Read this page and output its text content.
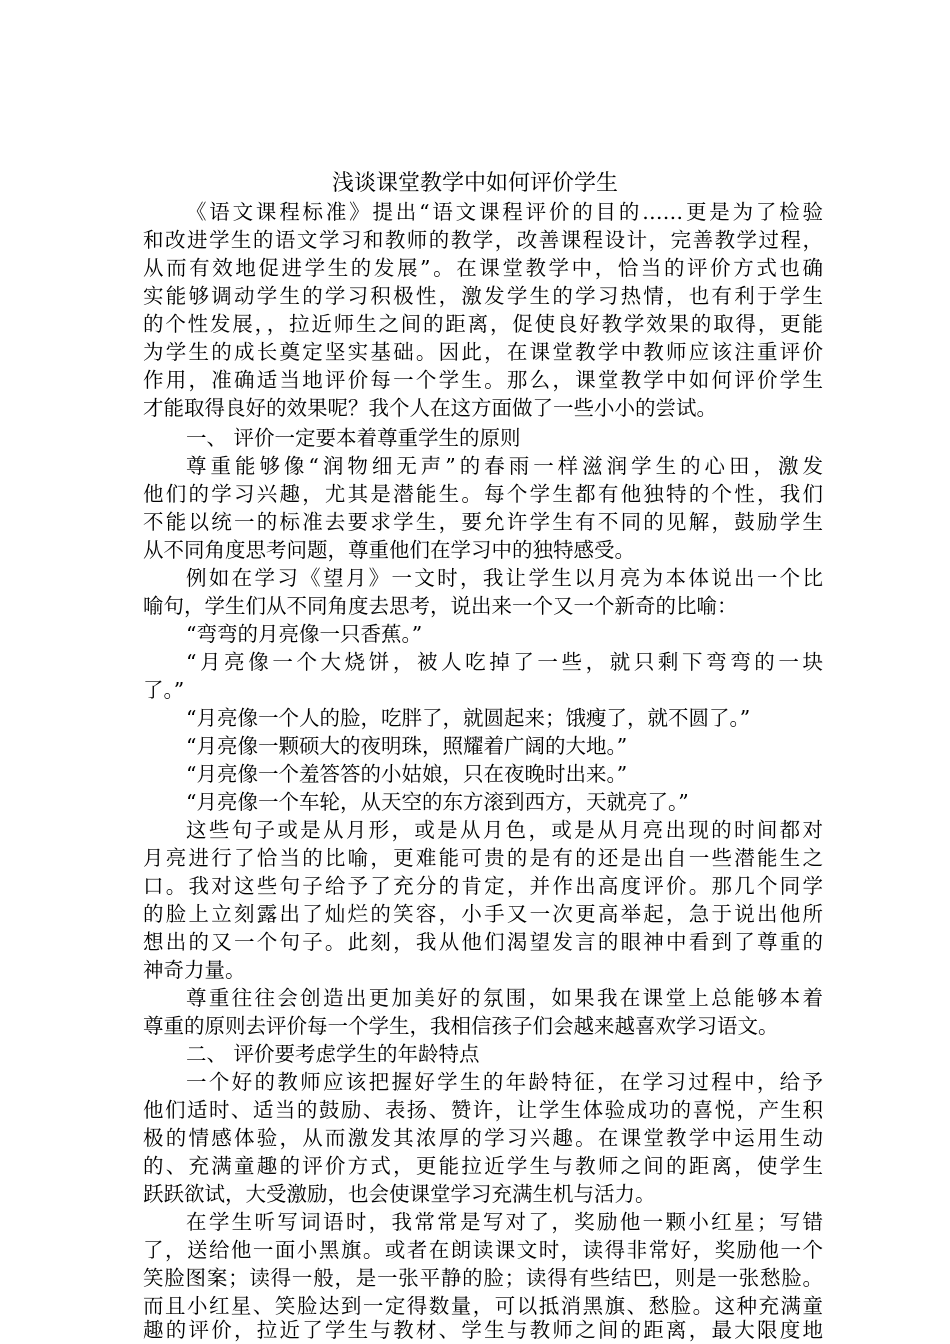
浅谈课堂教学中如何评价学生
《语文课程标准》提出“语文课程评价的目的……更是为了检验
和改进学生的语文学习和教师的教学，改善课程设计，完善教学过程，
从而有效地促进学生的发展”。在课堂教学中，恰当的评价方式也确
实能够调动学生的学习积极性，激发学生的学习热情，也有利于学生
的个性发展，，拉近师生之间的距离，促使良好教学效果的取得，更能
为学生的成长奠定坚实基础。因此，在课堂教学中教师应该注重评价
作用，准确适当地评价每一个学生。那么，课堂教学中如何评价学生
才能取得良好的效果呢？我个人在这方面做了一些小小的尝试。
一、 评价一定要本着尊重学生的原则
尊重能够像“润物细无声”的春雨一样滋润学生的心田，激发
他们的学习兴趣，尤其是潜能生。每个学生都有他独特的个性，我们
不能以统一的标准去要求学生，要允许学生有不同的见解，鼓励学生
从不同角度思考问题，尊重他们在学习中的独特感受。
例如在学习《望月》一文时，我让学生以月亮为本体说出一个比
喻句，学生们从不同角度去思考，说出来一个又一个新奇的比喻：
“弯弯的月亮像一只香蕉。”
“月亮像一个大烧饼，被人吃掉了一些，就只剩下弯弯的一块
了。”
“月亮像一个人的脸，吃胖了，就圆起来；饿瘦了，就不圆了。”
“月亮像一颗硕大的夜明珠，照耀着广阔的大地。”
“月亮像一个羞答答的小姑娘，只在夜晚时出来。”
“月亮像一个车轮，从天空的东方滚到西方，天就亮了。”
这些句子或是从月形，或是从月色，或是从月亮出现的时间都对
月亮进行了恰当的比喻，更难能可贵的是有的还是出自一些潜能生之
口。我对这些句子给予了充分的肯定，并作出高度评价。那几个同学
的脸上立刻露出了灿烂的笑容，小手又一次更高举起，急于说出他所
想出的又一个句子。此刻，我从他们渴望发言的眼神中看到了尊重的
神奇力量。
尊重往往会创造出更加美好的氛围，如果我在课堂上总能够本着
尊重的原则去评价每一个学生，我相信孩子们会越来越喜欢学习语文。
二、 评价要考虑学生的年龄特点
一个好的教师应该把握好学生的年龄特征，在学习过程中，给予
他们适时、适当的鼓励、表扬、赞许，让学生体验成功的喜悦，产生积
极的情感体验，从而激发其浓厚的学习兴趣。在课堂教学中运用生动
的、充满童趣的评价方式，更能拉近学生与教师之间的距离，使学生
跃跃欲试，大受激励，也会使课堂学习充满生机与活力。
在学生听写词语时，我常常是写对了，奖励他一颗小红星；写错
了，送给他一面小黑旗。或者在朗读课文时，读得非常好，奖励他一个
笑脸图案；读得一般，是一张平静的脸；读得有些结巴，则是一张愁脸。
而且小红星、笑脸达到一定得数量，可以抵消黑旗、愁脸。这种充满童
趣的评价，拉近了学生与教材、学生与教师之间的距离，最大限度地
